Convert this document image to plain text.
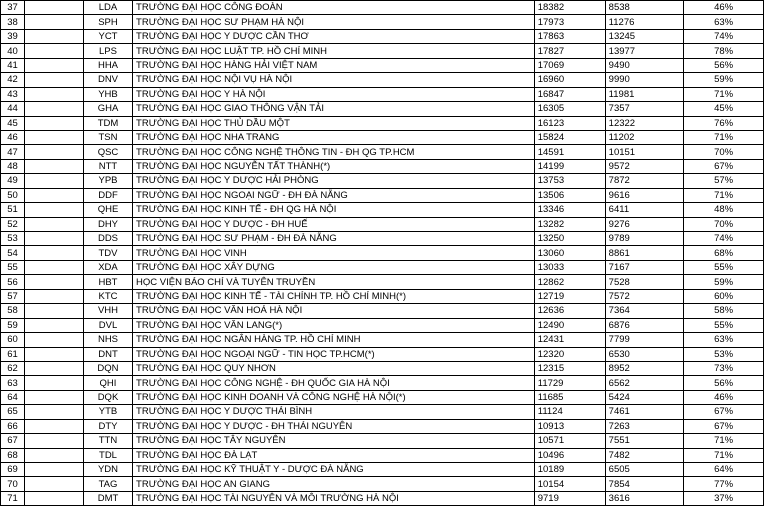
37		LDA	TRƯỜNG ĐẠI HỌC CÔNG ĐOÀN	18382	8538	46%
38		SPH	TRƯỜNG ĐẠI HỌC SƯ PHẠM HÀ NỘI	17973	11276	63%
39		YCT	TRƯỜNG ĐẠI HỌC Y DƯỢC CẦN THƠ	17863	13245	74%
40		LPS	TRƯỜNG ĐẠI HỌC LUẬT TP. HỒ CHÍ MINH	17827	13977	78%
41		HHA	TRƯỜNG ĐẠI HỌC HÀNG HẢI VIỆT NAM	17069	9490	56%
42		DNV	TRƯỜNG ĐẠI HỌC NỘI VỤ HÀ NỘI	16960	9990	59%
43		YHB	TRƯỜNG ĐẠI HỌC Y HÀ NỘI	16847	11981	71%
44		GHA	TRƯỜNG ĐẠI HỌC GIAO THÔNG VẬN TẢI	16305	7357	45%
45		TDM	TRƯỜNG ĐẠI HỌC THỦ DẦU MỘT	16123	12322	76%
46		TSN	TRƯỜNG ĐẠI HỌC NHA TRANG	15824	11202	71%
47		QSC	TRƯỜNG ĐẠI HỌC CÔNG NGHỆ THÔNG TIN - ĐH QG TP.HCM	14591	10151	70%
48		NTT	TRƯỜNG ĐẠI HỌC NGUYỄN TẤT THÀNH(*)	14199	9572	67%
49		YPB	TRƯỜNG ĐẠI HỌC Y DƯỢC HẢI PHÒNG	13753	7872	57%
50		DDF	TRƯỜNG ĐẠI HỌC NGOẠI NGỮ - ĐH ĐÀ NẴNG	13506	9616	71%
51		QHE	TRƯỜNG ĐẠI HỌC KINH TẾ - ĐH QG HÀ NỘI	13346	6411	48%
52		DHY	TRƯỜNG ĐẠI HỌC Y DƯỢC - ĐH HUẾ	13282	9276	70%
53		DDS	TRƯỜNG ĐẠI HỌC SƯ PHẠM - ĐH ĐÀ NẴNG	13250	9789	74%
54		TDV	TRƯỜNG ĐẠI HỌC VINH	13060	8861	68%
55		XDA	TRƯỜNG ĐẠI HỌC XÂY DỰNG	13033	7167	55%
56		HBT	HỌC VIỆN BÁO CHÍ VÀ TUYÊN TRUYỀN	12862	7528	59%
57		KTC	TRƯỜNG ĐẠI HỌC KINH TẾ - TÀI CHÍNH TP. HỒ CHÍ MINH(*)	12719	7572	60%
58		VHH	TRƯỜNG ĐẠI HỌC VĂN HOÁ HÀ NỘI	12636	7364	58%
59		DVL	TRƯỜNG ĐẠI HỌC VĂN LANG(*)	12490	6876	55%
60		NHS	TRƯỜNG ĐẠI HỌC NGÂN HÀNG TP. HỒ CHÍ MINH	12431	7799	63%
61		DNT	TRƯỜNG ĐẠI HỌC NGOẠI NGỮ - TIN HỌC TP.HCM(*)	12320	6530	53%
62		DQN	TRƯỜNG ĐẠI HỌC QUY NHƠN	12315	8952	73%
63		QHI	TRƯỜNG ĐẠI HỌC CÔNG NGHỆ - ĐH QUỐC GIA HÀ NỘI	11729	6562	56%
64		DQK	TRƯỜNG ĐẠI HỌC KINH DOANH VÀ CÔNG NGHỆ HÀ NỘI(*)	11685	5424	46%
65		YTB	TRƯỜNG ĐẠI HỌC Y DƯỢC THÁI BÌNH	11124	7461	67%
66		DTY	TRƯỜNG ĐẠI HỌC Y DƯỢC - ĐH THÁI NGUYÊN	10913	7263	67%
67		TTN	TRƯỜNG ĐẠI HỌC TÂY NGUYÊN	10571	7551	71%
68		TDL	TRƯỜNG ĐẠI HỌC ĐÀ LẠT	10496	7482	71%
69		YDN	TRƯỜNG ĐẠI HỌC KỸ THUẬT Y - DƯỢC ĐÀ NẴNG	10189	6505	64%
70		TAG	TRƯỜNG ĐẠI HỌC AN GIANG	10154	7854	77%
71		DMT	TRƯỜNG ĐẠI HỌC TÀI NGUYÊN VÀ MÔI TRƯỜNG HÀ NỘI	9719	3616	37%
